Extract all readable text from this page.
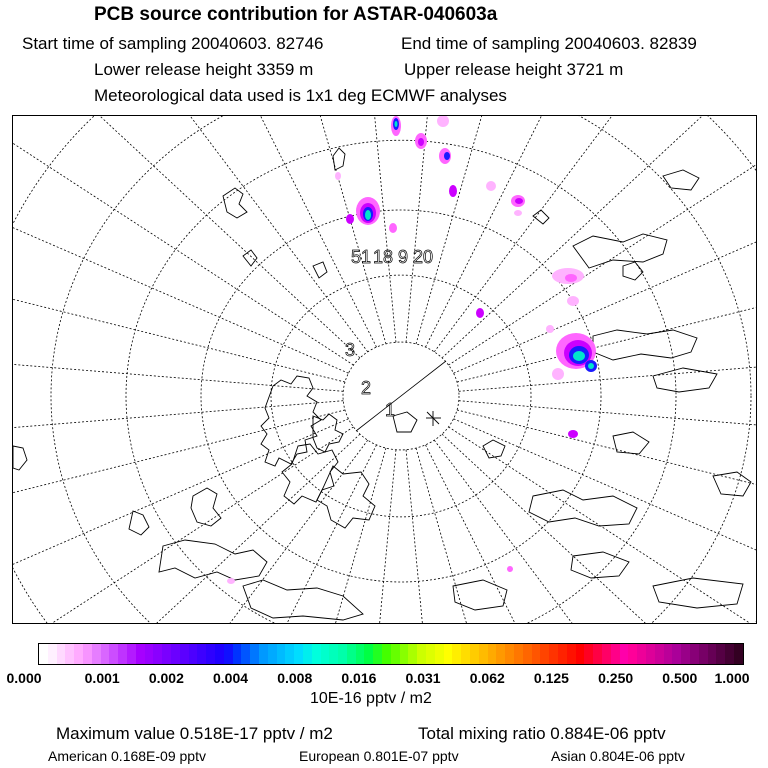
PCB source contribution for ASTAR-040603a
Start time of sampling 20040603. 82746	End time of sampling 20040603. 82839
Lower release height 3359 m	Upper release height 3721 m
Meteorological data used is 1x1 deg ECMWF analyses
51 18 9 20
3
2
1
0.000	0.001 0.002 0.004 0.008 0.016 0.031 0.062 0.125 0.250 0.500 1.000
10E-16 pptv / m2
Maximum value 0.518E-17 pptv / m2	Total mixing ratio 0.884E-06 pptv
American 0.168E-09 pptv	European 0.801E-07 pptv	Asian 0.804E-06 pptv
